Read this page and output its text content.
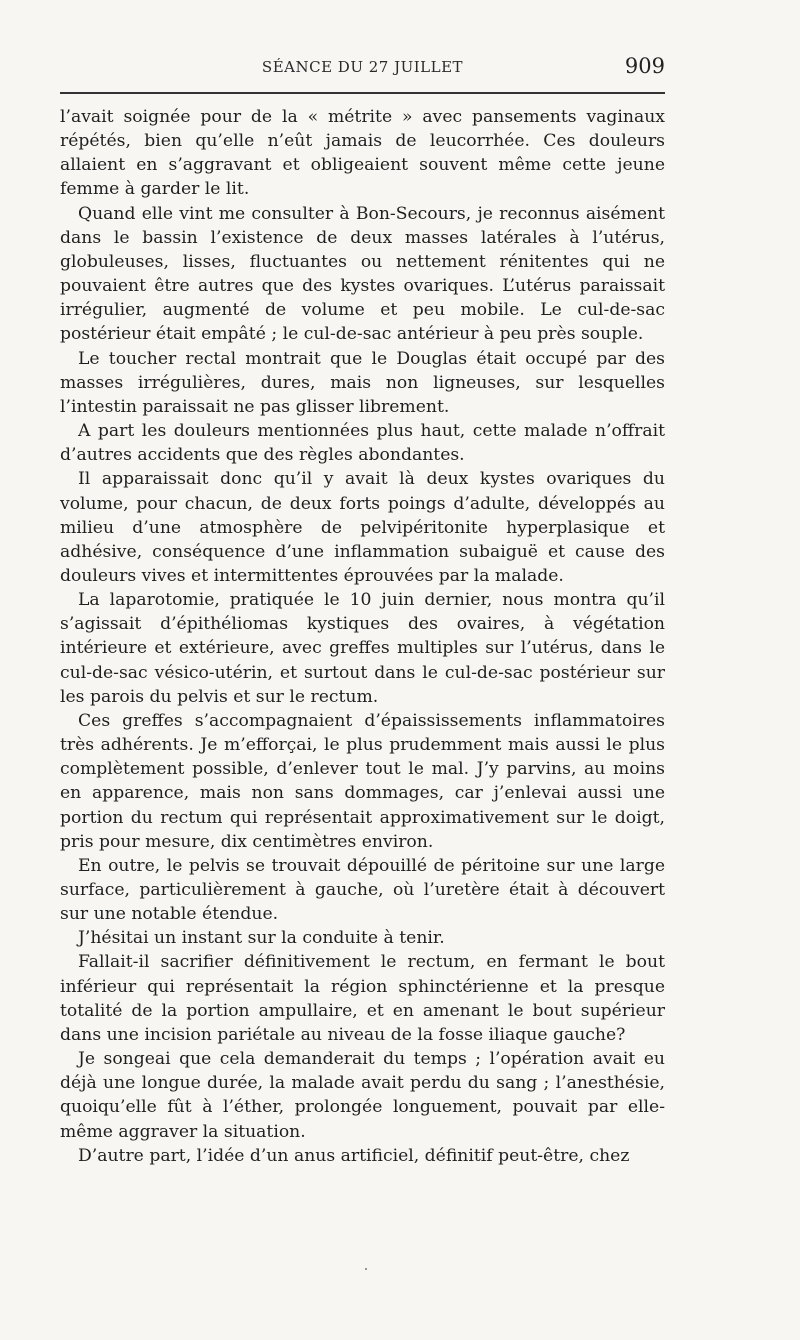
SÉANCE DU 27 JUILLET	909

l’avait soignée pour de la « métrite » avec pansements vaginaux répétés, bien qu’elle n’eût jamais de leucorrhée. Ces douleurs allaient en s’aggravant et obligeaient souvent même cette jeune femme à garder le lit.

Quand elle vint me consulter à Bon-Secours, je reconnus aisément dans le bassin l’existence de deux masses latérales à l’utérus, globuleuses, lisses, fluctuantes ou nettement rénitentes qui ne pouvaient être autres que des kystes ovariques. L’utérus paraissait irrégulier, augmenté de volume et peu mobile. Le cul-de-sac postérieur était empâté ; le cul-de-sac antérieur à peu près souple.

Le toucher rectal montrait que le Douglas était occupé par des masses irrégulières, dures, mais non ligneuses, sur lesquelles l’intestin paraissait ne pas glisser librement.

A part les douleurs mentionnées plus haut, cette malade n’offrait d’autres accidents que des règles abondantes.

Il apparaissait donc qu’il y avait là deux kystes ovariques du volume, pour chacun, de deux forts poings d’adulte, développés au milieu d’une atmosphère de pelvipéritonite hyperplasique et adhésive, conséquence d’une inflammation subaiguë et cause des douleurs vives et intermittentes éprouvées par la malade.

La laparotomie, pratiquée le 10 juin dernier, nous montra qu’il s’agissait d’épithéliomas kystiques des ovaires, à végétation intérieure et extérieure, avec greffes multiples sur l’utérus, dans le cul-de-sac vésico-utérin, et surtout dans le cul-de-sac postérieur sur les parois du pelvis et sur le rectum.

Ces greffes s’accompagnaient d’épaississements inflammatoires très adhérents. Je m’efforçai, le plus prudemment mais aussi le plus complètement possible, d’enlever tout le mal. J’y parvins, au moins en apparence, mais non sans dommages, car j’enlevai aussi une portion du rectum qui représentait approximativement sur le doigt, pris pour mesure, dix centimètres environ.

En outre, le pelvis se trouvait dépouillé de péritoine sur une large surface, particulièrement à gauche, où l’uretère était à découvert sur une notable étendue.

J’hésitai un instant sur la conduite à tenir.

Fallait-il sacrifier définitivement le rectum, en fermant le bout inférieur qui représentait la région sphinctérienne et la presque totalité de la portion ampullaire, et en amenant le bout supérieur dans une incision pariétale au niveau de la fosse iliaque gauche?

Je songeai que cela demanderait du temps ; l’opération avait eu déjà une longue durée, la malade avait perdu du sang ; l’anesthésie, quoiqu’elle fût à l’éther, prolongée longuement, pouvait par elle-même aggraver la situation.

D’autre part, l’idée d’un anus artificiel, définitif peut-être, chez
